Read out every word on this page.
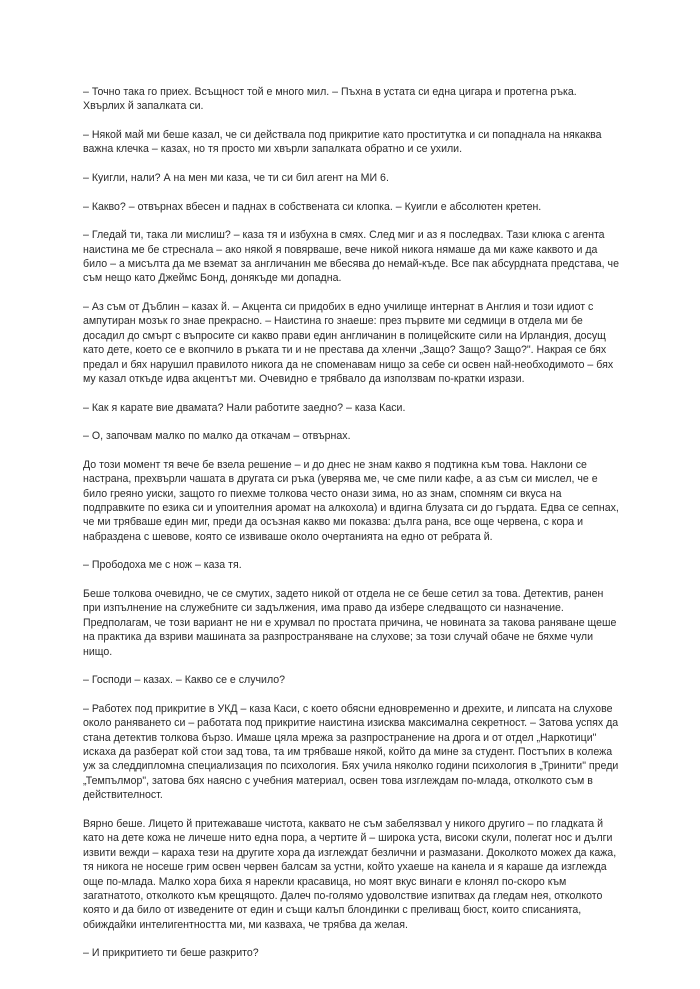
– Точно така го приех. Всъщност той е много мил. – Пъхна в устата си една цигара и протегна ръка. Хвърлих й запалката си.

– Някой май ми беше казал, че си действала под прикритие като проститутка и си попаднала на някаква важна клечка – казах, но тя просто ми хвърли запалката обратно и се ухили.

– Куигли, нали? А на мен ми каза, че ти си бил агент на МИ 6.

– Какво? – отвърнах вбесен и паднах в собствената си клопка. – Куигли е абсолютен кретен.

– Гледай ти, така ли мислиш? – каза тя и избухна в смях. След миг и аз я последвах. Тази клюка с агента наистина ме бе стреснала – ако някой я повярваше, вече никой никога нямаше да ми каже каквото и да било – а мисълта да ме вземат за англичанин ме вбесява до немай-къде. Все пак абсурдната представа, че съм нещо като Джеймс Бонд, донякъде ми допадна.

– Аз съм от Дъблин – казах й. – Акцента си придобих в едно училище интернат в Англия и този идиот с ампутиран мозък го знае прекрасно. – Наистина го знаеше: през първите ми седмици в отдела ми бе досадил до смърт с въпросите си какво прави един англичанин в полицейските сили на Ирландия, досущ като дете, което се е вкопчило в ръката ти и не престава да хленчи „Защо? Защо? Защо?". Накрая се бях предал и бях нарушил правилото никога да не споменавам нищо за себе си освен най-необходимото – бях му казал откъде идва акцентът ми. Очевидно е трябвало да използвам по-кратки изрази.

– Как я карате вие двамата? Нали работите заедно? – каза Каси.

– О, започвам малко по малко да откачам – отвърнах.

До този момент тя вече бе взела решение – и до днес не знам какво я подтикна към това. Наклони се настрана, прехвърли чашата в другата си ръка (уверява ме, че сме пили кафе, а аз съм си мислел, че е било греяно уиски, защото го пиехме толкова често онази зима, но аз знам, спомням си вкуса на подправките по езика си и упоителния аромат на алкохола) и вдигна блузата си до гърдата. Едва се сепнах, че ми трябваше един миг, преди да осъзная какво ми показва: дълга рана, все още червена, с кора и набраздена с шевове, която се извиваше около очертанията на едно от ребрата й.

– Прободоха ме с нож – каза тя.

Беше толкова очевидно, че се смутих, задето никой от отдела не се беше сетил за това. Детектив, ранен при изпълнение на служебните си задължения, има право да избере следващото си назначение. Предполагам, че този вариант не ни е хрумвал по простата причина, че новината за такова раняване щеше на практика да взриви машината за разпространяване на слухове; за този случай обаче не бяхме чули нищо.

– Господи – казах. – Какво се е случило?

– Работех под прикритие в УКД – каза Каси, с което обясни едновременно и дрехите, и липсата на слухове около раняването си – работата под прикритие наистина изисква максимална секретност. – Затова успях да стана детектив толкова бързо. Имаше цяла мрежа за разпространение на дрога и от отдел „Наркотици" искаха да разберат кой стои зад това, та им трябваше някой, който да мине за студент. Постъпих в колежа уж за следдипломна специализация по психология. Бях учила няколко години психология в „Тринити" преди „Темпълмор", затова бях наясно с учебния материал, освен това изглеждам по-млада, отколкото съм в действителност.

Вярно беше. Лицето й притежаваше чистота, каквато не съм забелязвал у никого другиго – по гладката й като на дете кожа не личеше нито една пора, а чертите й – широка уста, високи скули, полегат нос и дълги извити вежди – караха тези на другите хора да изглеждат безлични и размазани. Доколкото можех да кажа, тя никога не носеше грим освен червен балсам за устни, който ухаеше на канела и я караше да изглежда още по-млада. Малко хора биха я нарекли красавица, но моят вкус винаги е клонял по-скоро към загатнатото, отколкото към крещящото. Далеч по-голямо удоволствие изпитвах да гледам нея, отколкото която и да било от изведените от един и същи калъп блондинки с преливащ бюст, които списанията, обиждайки интелигентността ми, ми казваха, че трябва да желая.

– И прикритието ти беше разкрито?
